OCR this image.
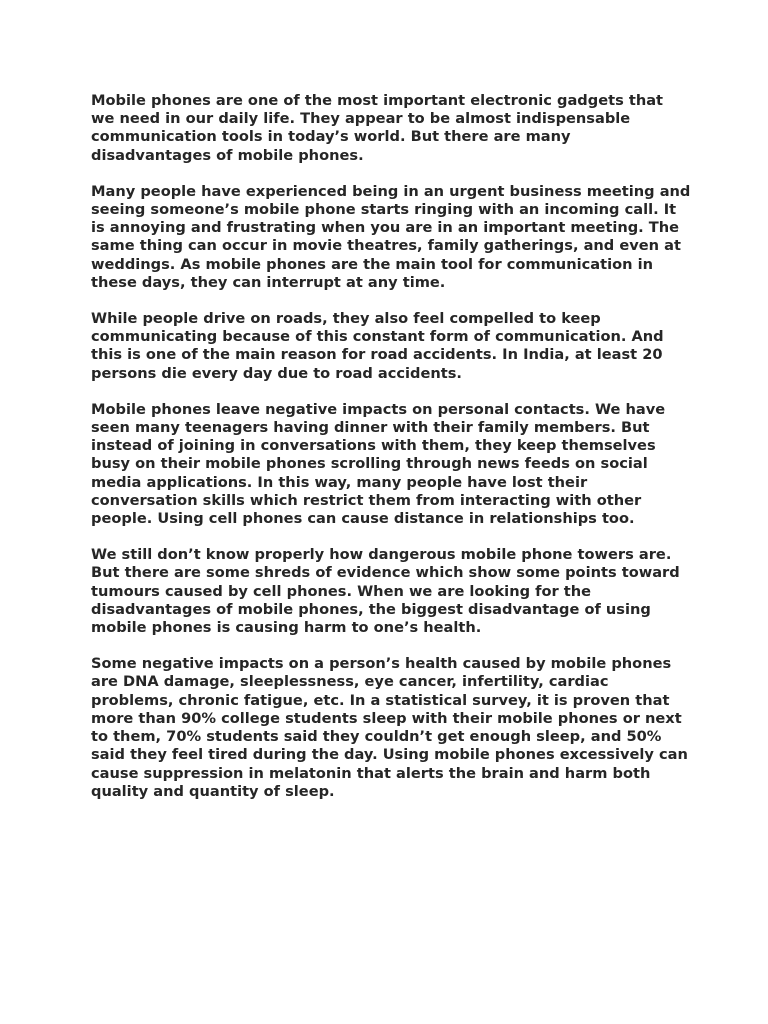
Mobile phones are one of the most important electronic gadgets that we need in our daily life. They appear to be almost indispensable communication tools in today’s world. But there are many disadvantages of mobile phones.

Many people have experienced being in an urgent business meeting and seeing someone’s mobile phone starts ringing with an incoming call. It is annoying and frustrating when you are in an important meeting. The same thing can occur in movie theatres, family gatherings, and even at weddings. As mobile phones are the main tool for communication in these days, they can interrupt at any time.

While people drive on roads, they also feel compelled to keep communicating because of this constant form of communication. And this is one of the main reason for road accidents. In India, at least 20 persons die every day due to road accidents.

Mobile phones leave negative impacts on personal contacts. We have seen many teenagers having dinner with their family members. But instead of joining in conversations with them, they keep themselves busy on their mobile phones scrolling through news feeds on social media applications. In this way, many people have lost their conversation skills which restrict them from interacting with other people. Using cell phones can cause distance in relationships too.

We still don’t know properly how dangerous mobile phone towers are. But there are some shreds of evidence which show some points toward tumours caused by cell phones. When we are looking for the disadvantages of mobile phones, the biggest disadvantage of using mobile phones is causing harm to one’s health.

Some negative impacts on a person’s health caused by mobile phones are DNA damage, sleeplessness, eye cancer, infertility, cardiac problems, chronic fatigue, etc. In a statistical survey, it is proven that more than 90% college students sleep with their mobile phones or next to them, 70% students said they couldn’t get enough sleep, and 50% said they feel tired during the day. Using mobile phones excessively can cause suppression in melatonin that alerts the brain and harm both quality and quantity of sleep.
